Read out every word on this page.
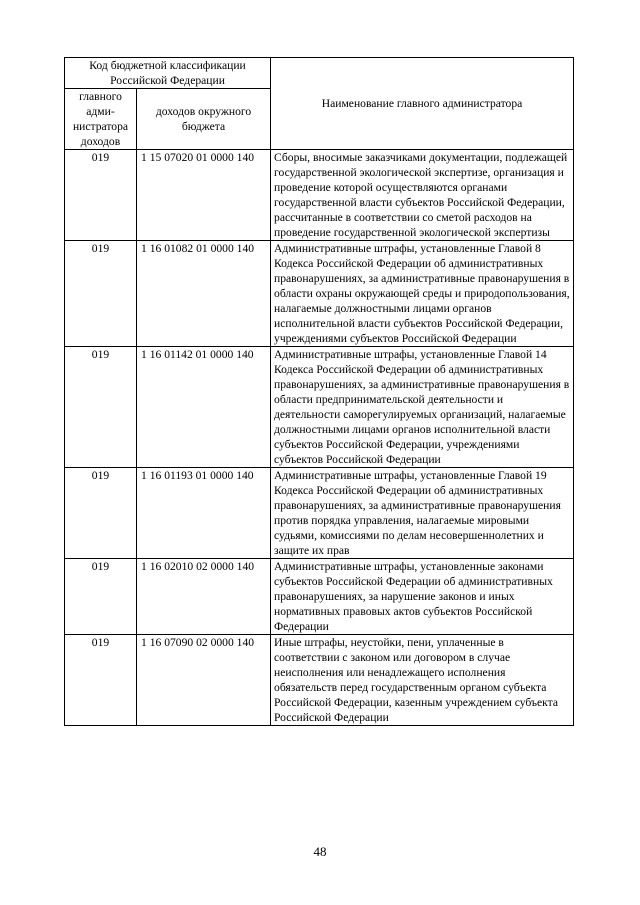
Код бюджетной классификации Российской Федерации		Наименование главного администратора
главного адми-нистратора доходов	доходов окружного бюджета	
019	1 15 07020 01 0000 140	Сборы, вносимые заказчиками документации, подлежащей государственной экологической экспертизе, организация и проведение которой осуществляются органами государственной власти субъектов Российской Федерации, рассчитанные в соответствии со сметой расходов на проведение государственной экологической экспертизы
019	1 16 01082 01 0000 140	Административные штрафы, установленные Главой 8 Кодекса Российской Федерации об административных правонарушениях, за административные правонарушения в области охраны окружающей среды и природопользования, налагаемые должностными лицами органов исполнительной власти субъектов Российской Федерации, учреждениями субъектов Российской Федерации
019	1 16 01142 01 0000 140	Административные штрафы, установленные Главой 14 Кодекса Российской Федерации об административных правонарушениях, за административные правонарушения в области предпринимательской деятельности и деятельности саморегулируемых организаций, налагаемые должностными лицами органов исполнительной власти субъектов Российской Федерации, учреждениями субъектов Российской Федерации
019	1 16 01193 01 0000 140	Административные штрафы, установленные Главой 19 Кодекса Российской Федерации об административных правонарушениях, за административные правонарушения против порядка управления, налагаемые мировыми судьями, комиссиями по делам несовершеннолетних и защите их прав
019	1 16 02010 02 0000 140	Административные штрафы, установленные законами субъектов Российской Федерации об административных правонарушениях, за нарушение законов и иных нормативных правовых актов субъектов Российской Федерации
019	1 16 07090 02 0000 140	Иные штрафы, неустойки, пени, уплаченные в соответствии с законом или договором в случае неисполнения или ненадлежащего исполнения обязательств перед государственным органом субъекта Российской Федерации, казенным учреждением субъекта Российской Федерации
48
